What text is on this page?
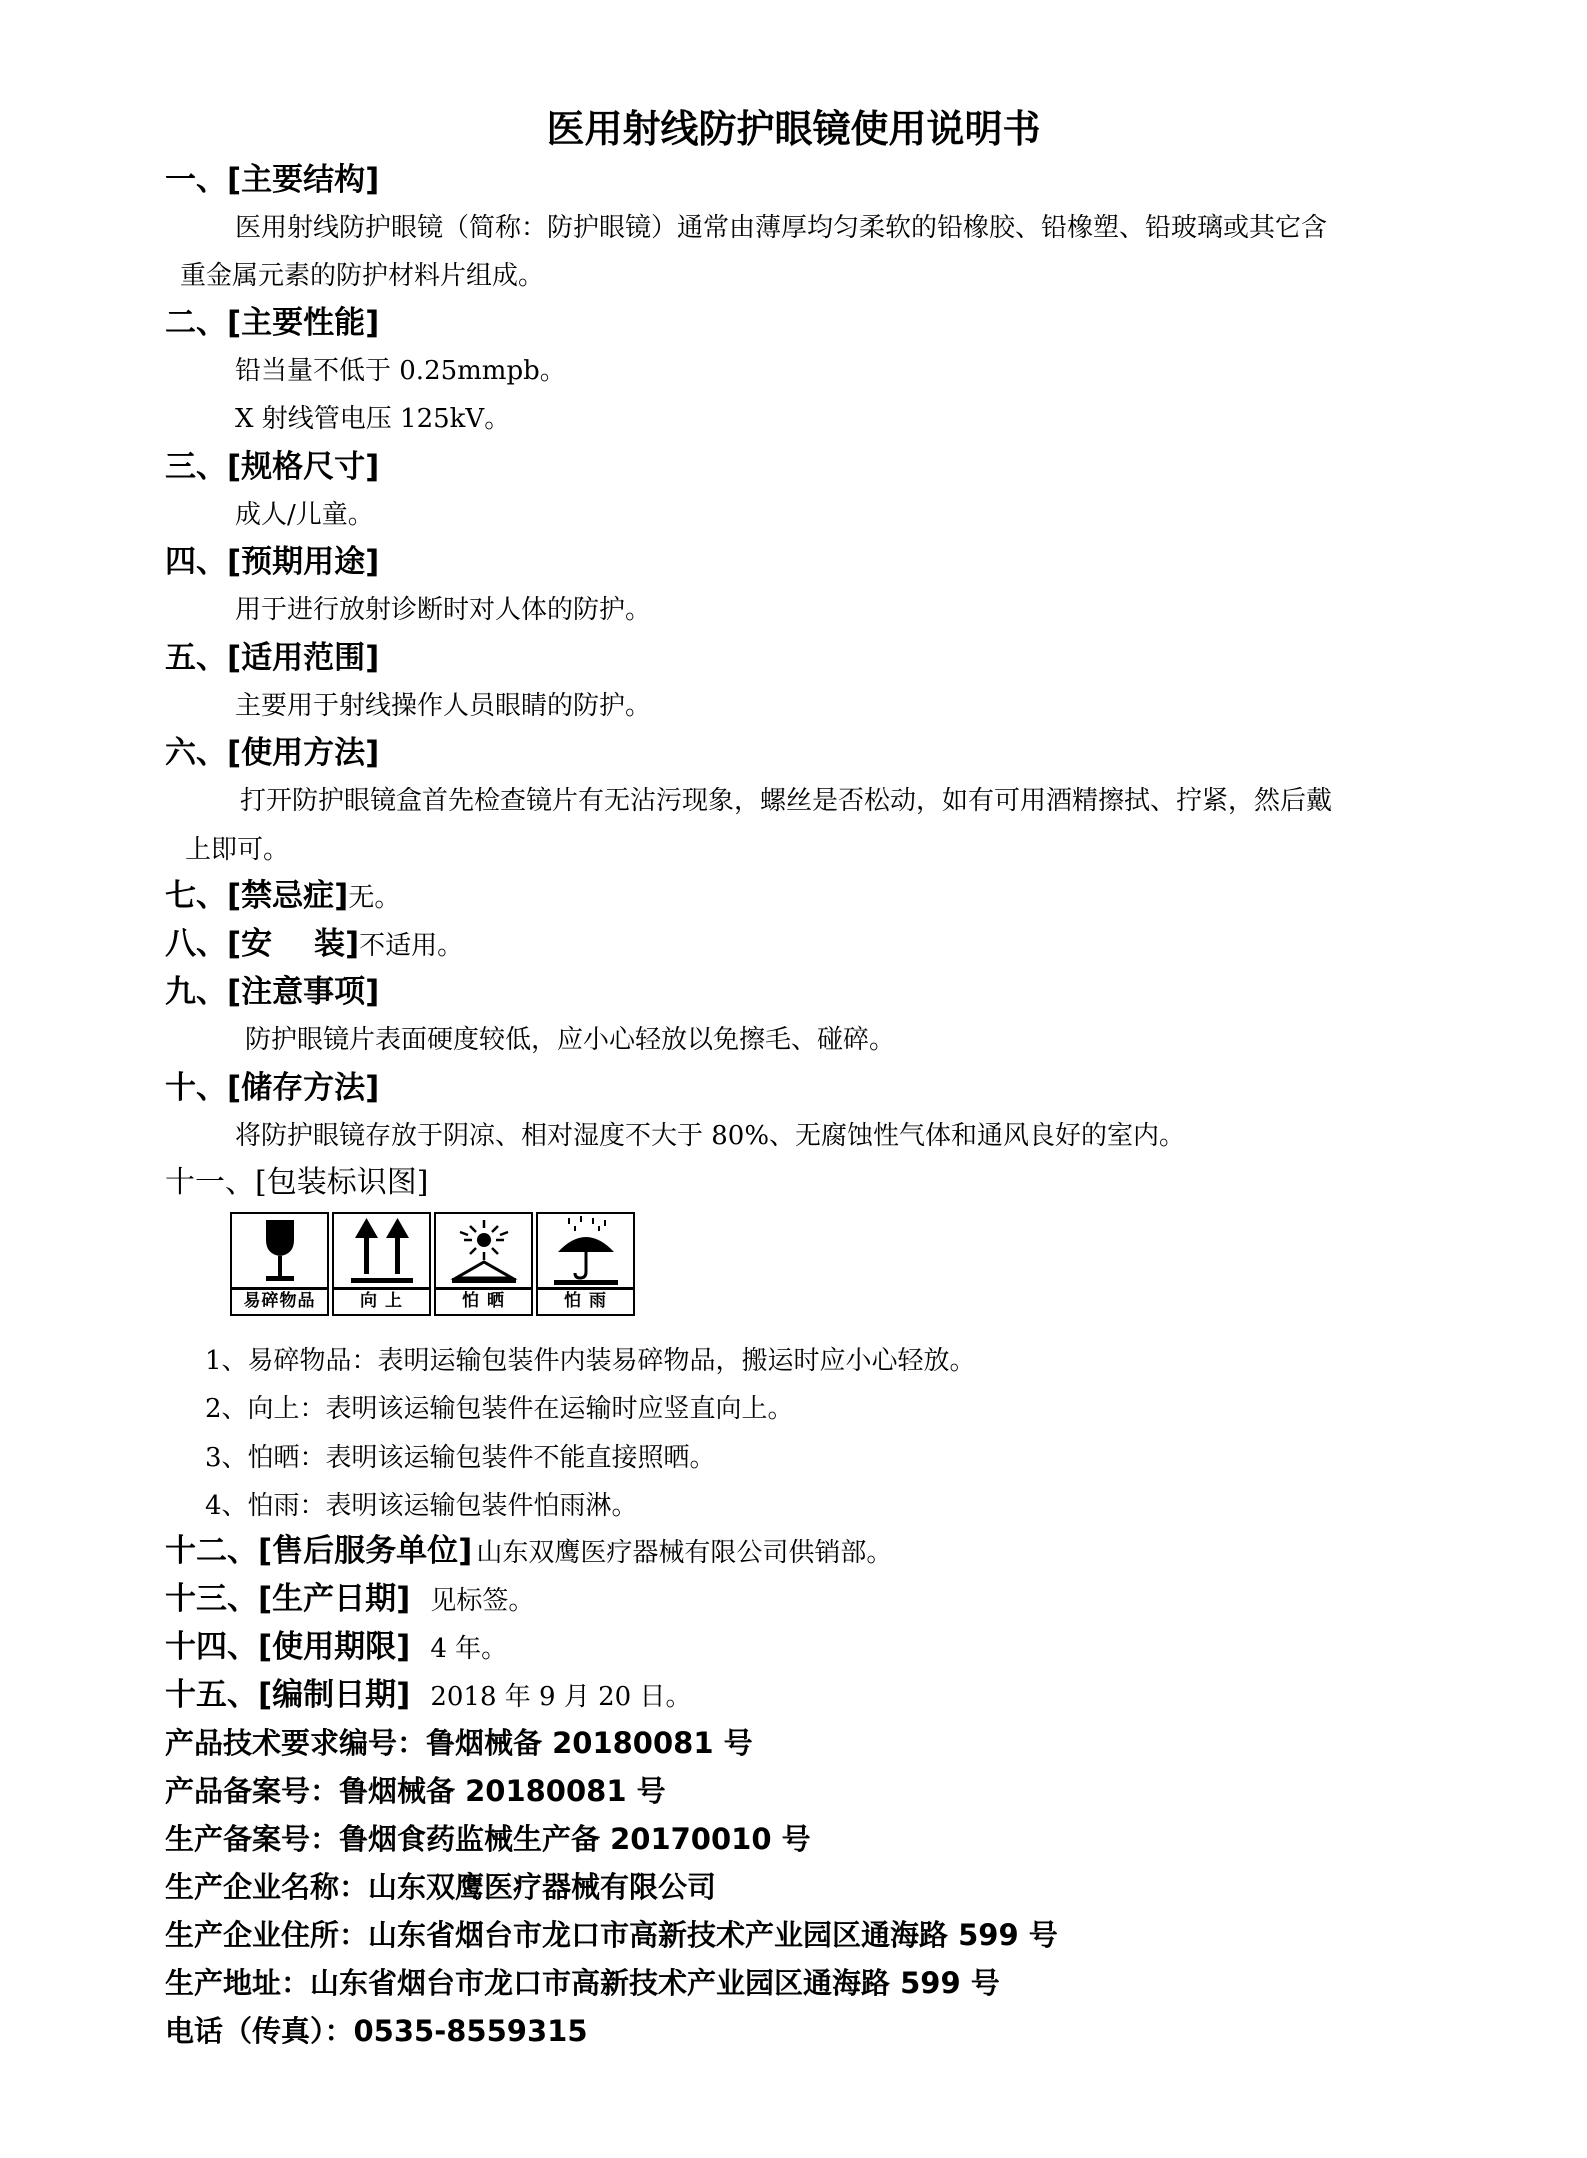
医用射线防护眼镜使用说明书
一、[主要结构]
医用射线防护眼镜（简称：防护眼镜）通常由薄厚均匀柔软的铅橡胶、铅橡塑、铅玻璃或其它含
重金属元素的防护材料片组成。
二、[主要性能]
铅当量不低于 0.25mmpb。
X 射线管电压 125kV。
三、[规格尺寸]
成人/儿童。
四、[预期用途]
用于进行放射诊断时对人体的防护。
五、[适用范围]
主要用于射线操作人员眼睛的防护。
六、[使用方法]
打开防护眼镜盒首先检查镜片有无沾污现象，螺丝是否松动，如有可用酒精擦拭、拧紧，然后戴
上即可。
七、[禁忌症]无。
八、[安　 装]不适用。
九、[注意事项]
防护眼镜片表面硬度较低，应小心轻放以免擦毛、碰碎。
十、[储存方法]
将防护眼镜存放于阴凉、相对湿度不大于 80%、无腐蚀性气体和通风良好的室内。
十一、[包装标识图]
易碎物品	向 上	怕 晒	怕 雨
1、易碎物品：表明运输包装件内装易碎物品，搬运时应小心轻放。
2、向上：表明该运输包装件在运输时应竖直向上。
3、怕晒：表明该运输包装件不能直接照晒。
4、怕雨：表明该运输包装件怕雨淋。
十二、[售后服务单位] 山东双鹰医疗器械有限公司供销部。
十三、[生产日期] 见标签。
十四、[使用期限] 4 年。
十五、[编制日期] 2018 年 9 月 20 日。
产品技术要求编号：鲁烟械备 20180081 号
产品备案号：鲁烟械备 20180081 号
生产备案号：鲁烟食药监械生产备 20170010 号
生产企业名称：山东双鹰医疗器械有限公司
生产企业住所：山东省烟台市龙口市高新技术产业园区通海路 599 号
生产地址：山东省烟台市龙口市高新技术产业园区通海路 599 号
电话（传真）：0535-8559315
